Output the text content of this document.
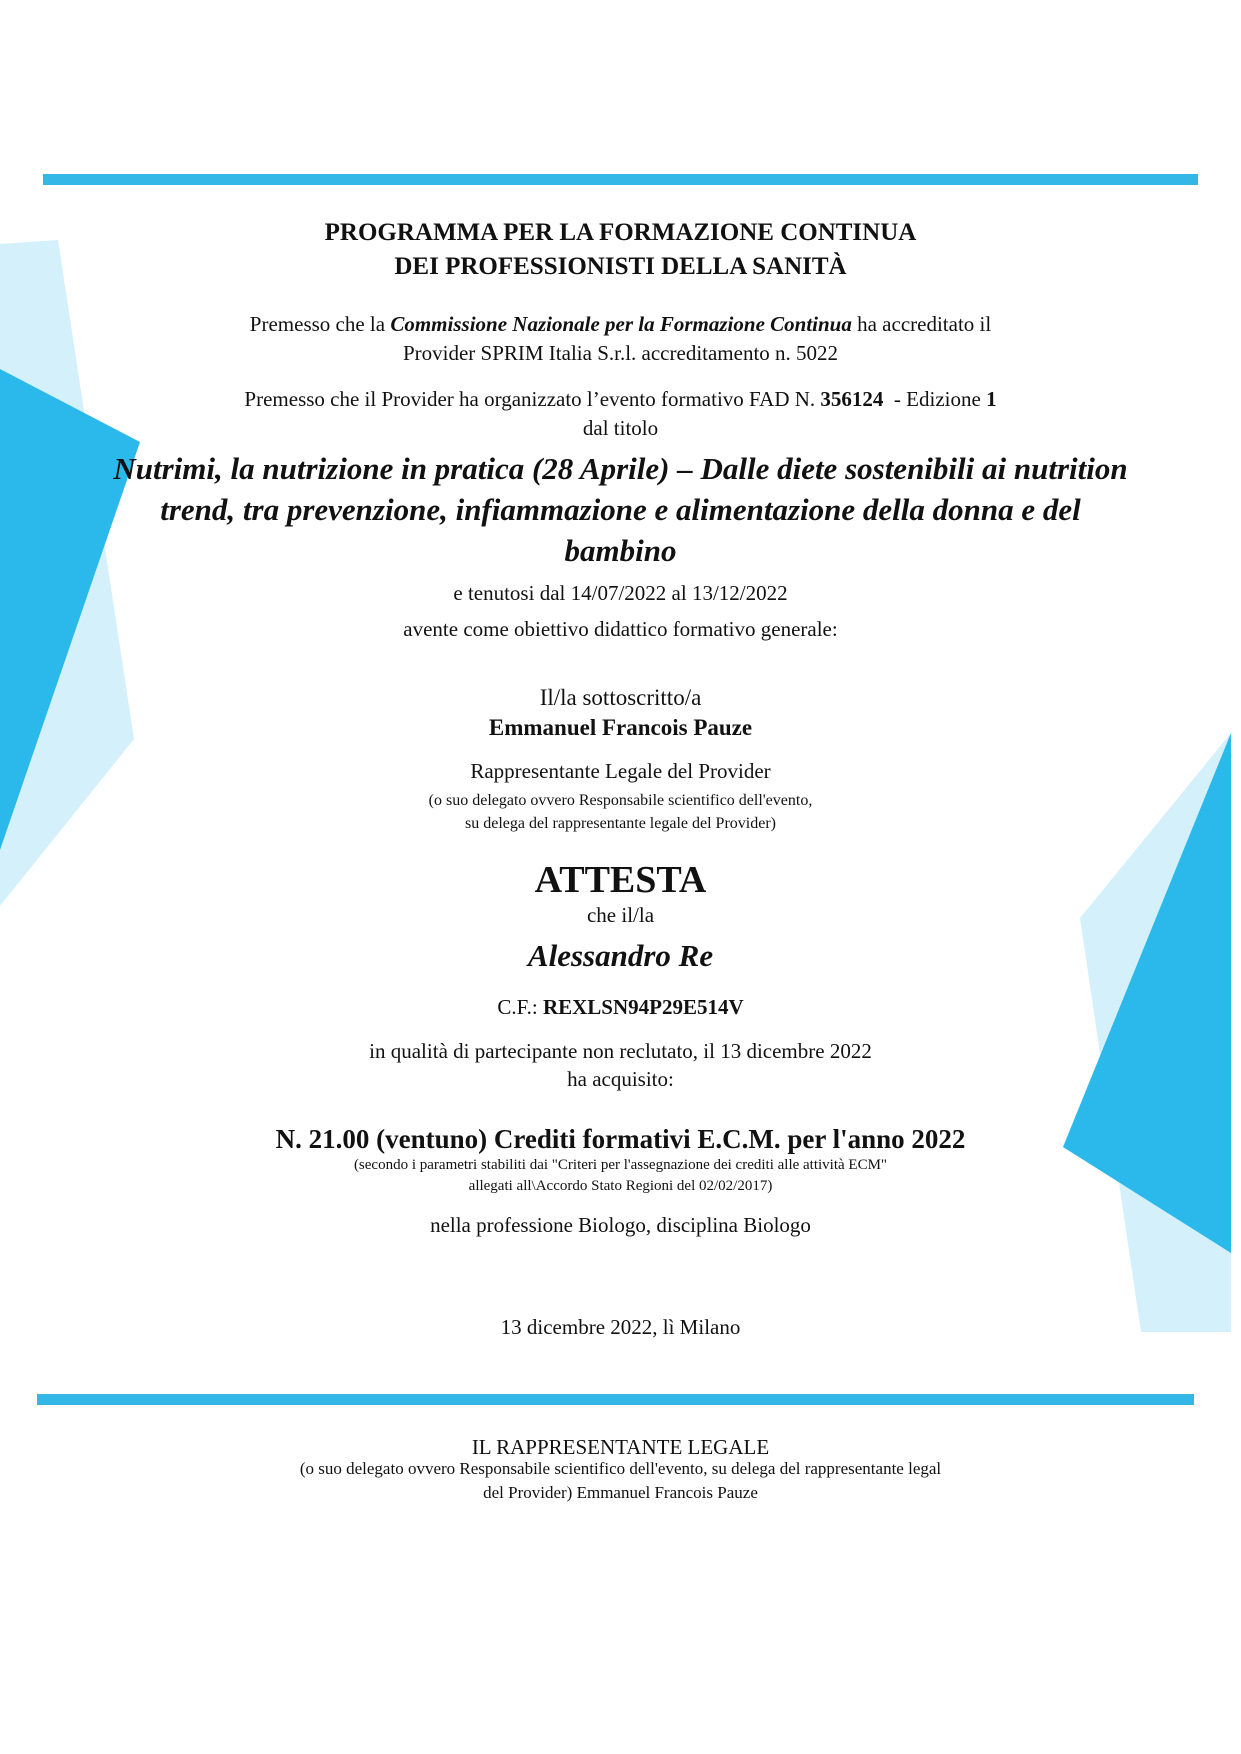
PROGRAMMA PER LA FORMAZIONE CONTINUA
DEI PROFESSIONISTI DELLA SANITÀ
Premesso che la Commissione Nazionale per la Formazione Continua ha accreditato il
Provider SPRIM Italia S.r.l. accreditamento n. 5022
Premesso che il Provider ha organizzato l’evento formativo FAD N. 356124  - Edizione 1
dal titolo
Nutrimi, la nutrizione in pratica (28 Aprile) – Dalle diete sostenibili ai nutrition
trend, tra prevenzione, infiammazione e alimentazione della donna e del
bambino
e tenutosi dal 14/07/2022 al 13/12/2022
avente come obiettivo didattico formativo generale:
Il/la sottoscritto/a
Emmanuel Francois Pauze
Rappresentante Legale del Provider
(o suo delegato ovvero Responsabile scientifico dell'evento,
su delega del rappresentante legale del Provider)
ATTESTA
che il/la
Alessandro Re
C.F.: REXLSN94P29E514V
in qualità di partecipante non reclutato, il 13 dicembre 2022
ha acquisito:
N. 21.00 (ventuno) Crediti formativi E.C.M. per l'anno 2022
(secondo i parametri stabiliti dai "Criteri per l'assegnazione dei crediti alle attività ECM"
allegati all\Accordo Stato Regioni del 02/02/2017)
nella professione Biologo, disciplina Biologo
13 dicembre 2022, lì Milano
IL RAPPRESENTANTE LEGALE
(o suo delegato ovvero Responsabile scientifico dell'evento, su delega del rappresentante legal
del Provider) Emmanuel Francois Pauze
